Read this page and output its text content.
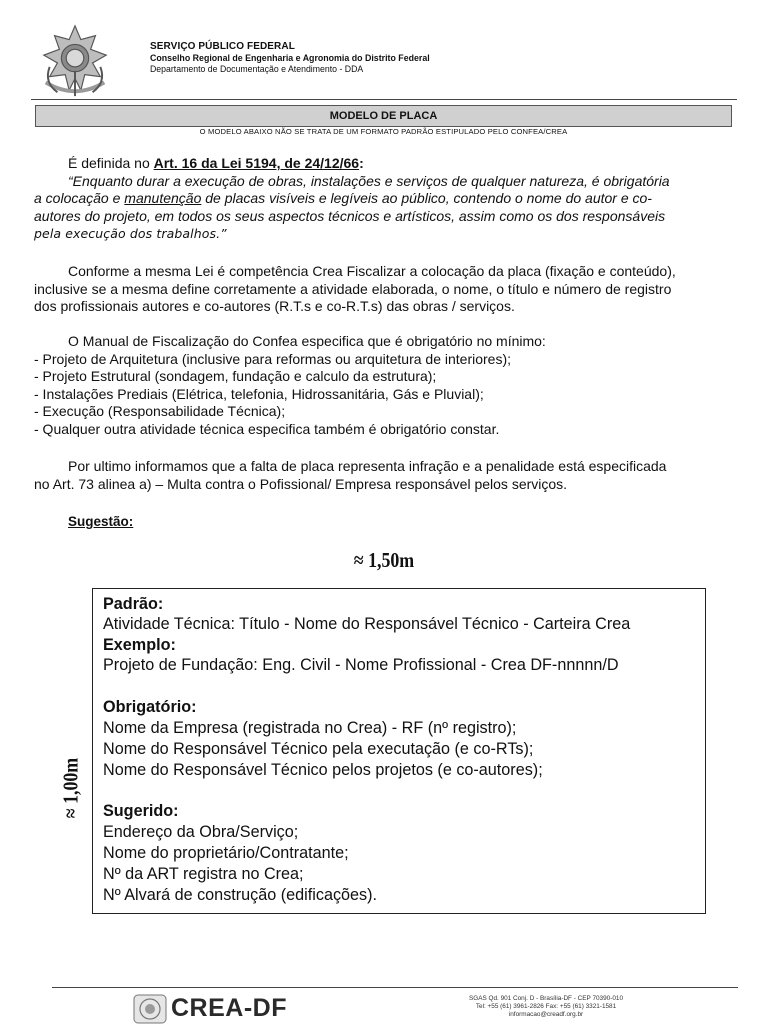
SERVIÇO PÚBLICO FEDERAL
Conselho Regional de Engenharia e Agronomia do Distrito Federal
Departamento de Documentação e Atendimento - DDA
MODELO DE PLACA
O MODELO ABAIXO NÃO SE TRATA DE UM FORMATO PADRÃO ESTIPULADO PELO CONFEA/CREA
É definida no Art. 16 da Lei 5194, de 24/12/66:
“Enquanto durar a execução de obras, instalações e serviços de qualquer natureza, é obrigatória
a colocação e manutenção de placas visíveis e legíveis ao público, contendo o nome do autor e co-
autores do projeto, em todos os seus aspectos técnicos e artísticos, assim como os dos responsáveis
pela execução dos trabalhos.”
Conforme a mesma Lei é competência Crea Fiscalizar a colocação da placa (fixação e conteúdo),
inclusive se a mesma define corretamente a atividade elaborada, o nome, o título e número de registro
dos profissionais autores e co-autores (R.T.s e co-R.T.s) das obras / serviços.
O Manual de Fiscalização do Confea especifica que é obrigatório no mínimo:
- Projeto de Arquitetura (inclusive para reformas ou arquitetura de interiores);
- Projeto Estrutural (sondagem, fundação e calculo da estrutura);
- Instalações Prediais (Elétrica, telefonia, Hidrossanitária, Gás e Pluvial);
- Execução (Responsabilidade Técnica);
- Qualquer outra atividade técnica especifica também é obrigatório constar.
Por ultimo informamos que a falta de placa representa infração e a penalidade está especificada
no Art. 73 alinea a) – Multa contra o Pofissional/ Empresa responsável pelos serviços.
Sugestão:
≈ 1,50m
≈ 1,00m
Padrão:
Atividade Técnica: Título - Nome do Responsável Técnico - Carteira Crea
Exemplo:
Projeto de Fundação: Eng. Civil - Nome Profissional - Crea DF-nnnnn/D
Obrigatório:
Nome da Empresa (registrada no Crea) - RF (nº registro);
Nome do Responsável Técnico pela executação (e co-RTs);
Nome do Responsável Técnico pelos projetos (e co-autores);
Sugerido:
Endereço da Obra/Serviço;
Nome do proprietário/Contratante;
Nº da ART registra no Crea;
Nº Alvará de construção (edificações).
CREA-DF	SGAS Qd. 901 Conj. D - Brasília-DF - CEP 70390-010
Tel: +55 (61) 3961-2826 Fax: +55 (61) 3321-1581
informacao@creadf.org.br
